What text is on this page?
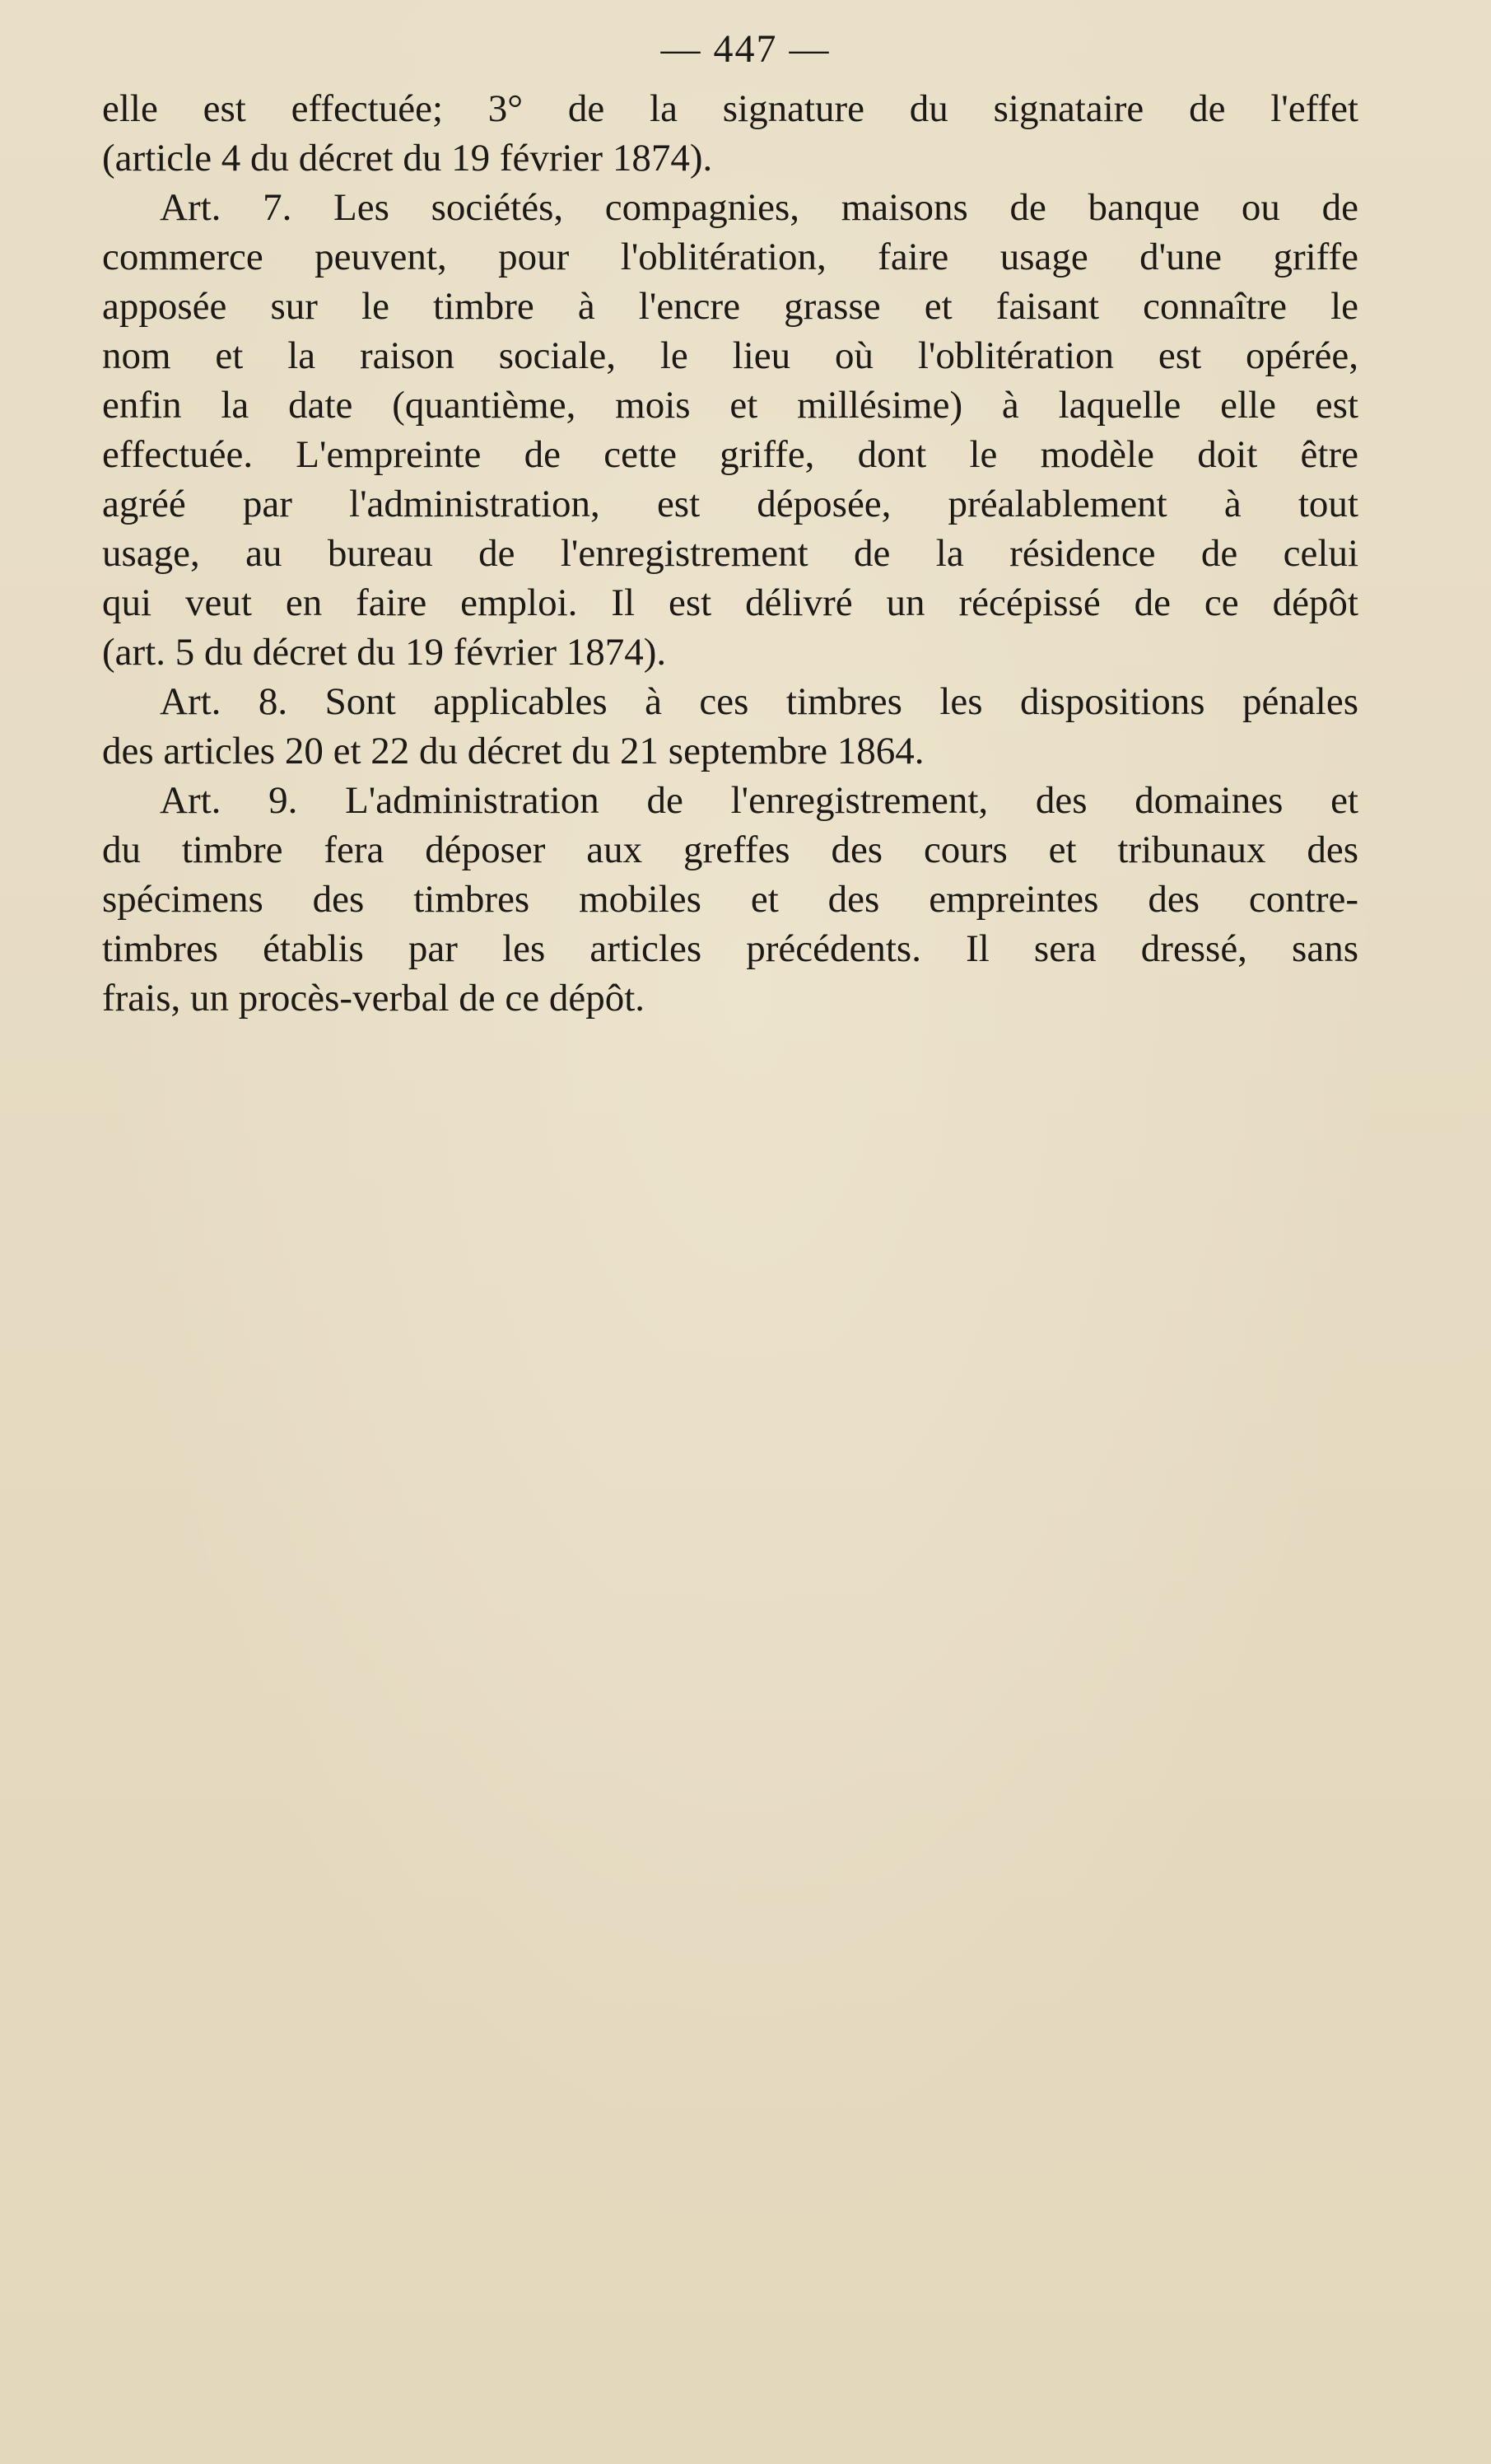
— 447 —
elle est effectuée; 3° de la signature du signataire de l'effet
(article 4 du décret du 19 février 1874).
Art. 7. Les sociétés, compagnies, maisons de banque ou de
commerce peuvent, pour l'oblitération, faire usage d'une griffe
apposée sur le timbre à l'encre grasse et faisant connaître le
nom et la raison sociale, le lieu où l'oblitération est opérée,
enfin la date (quantième, mois et millésime) à laquelle elle est
effectuée. L'empreinte de cette griffe, dont le modèle doit être
agréé par l'administration, est déposée, préalablement à tout
usage, au bureau de l'enregistrement de la résidence de celui
qui veut en faire emploi. Il est délivré un récépissé de ce dépôt
(art. 5 du décret du 19 février 1874).
Art. 8. Sont applicables à ces timbres les dispositions pénales
des articles 20 et 22 du décret du 21 septembre 1864.
Art. 9. L'administration de l'enregistrement, des domaines et
du timbre fera déposer aux greffes des cours et tribunaux des
spécimens des timbres mobiles et des empreintes des contre-
timbres établis par les articles précédents. Il sera dressé, sans
frais, un procès-verbal de ce dépôt.
